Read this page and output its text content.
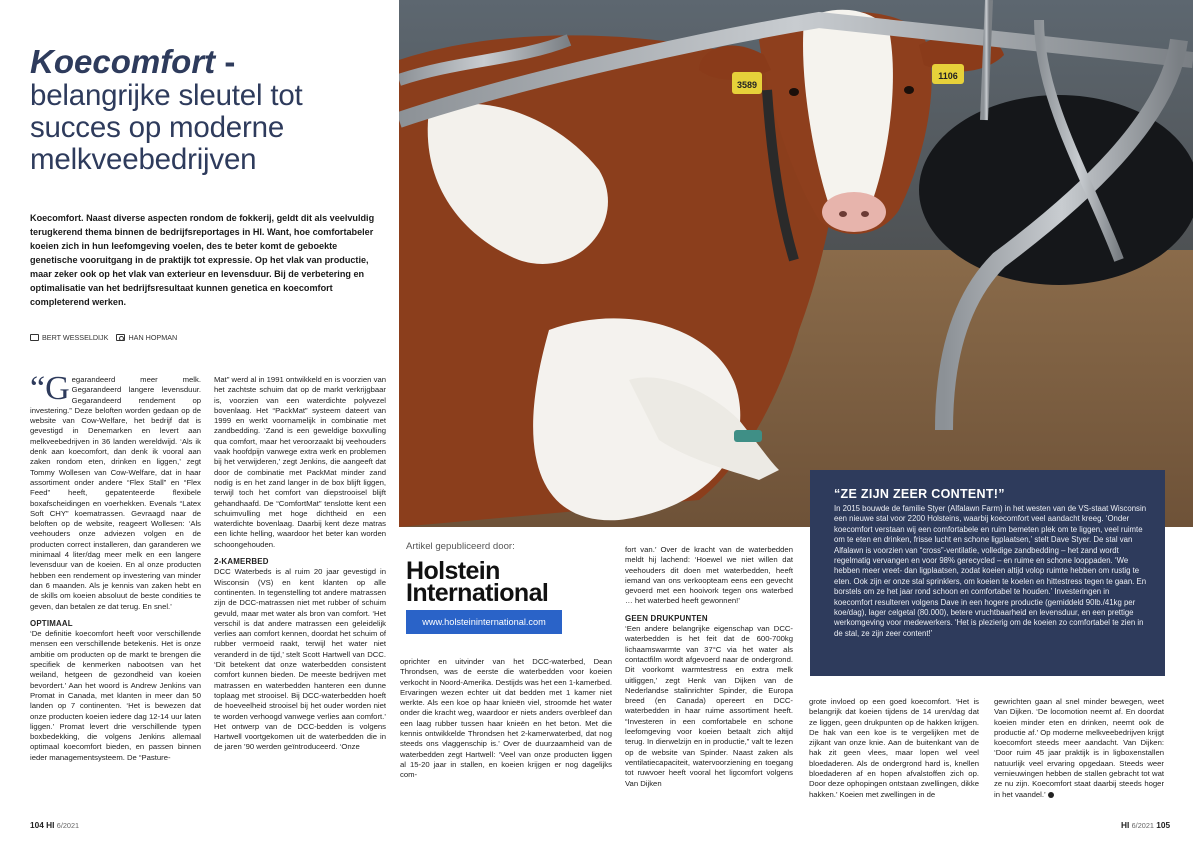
Koecomfort -
belangrijke sleutel tot
succes op moderne
melkveebedrijven
Koecomfort. Naast diverse aspecten rondom de fokkerij, geldt dit als veelvuldig terugkerend thema binnen de bedrijfsreportages in HI. Want, hoe comfortabeler koeien zich in hun leefomgeving voelen, des te beter komt de geboekte genetische vooruitgang in de praktijk tot expressie. Op het vlak van productie, maar zeker ook op het vlak van exterieur en levensduur. Bij de verbetering en optimalisatie van het bedrijfsresultaat kunnen genetica en koecomfort completerend werken.
BERT WESSELDIJK	HAN HOPMAN

“Gegarandeerd meer melk. Gegarandeerd langere levensduur. Gegarandeerd rendement op investering.” Deze beloften worden gedaan op de website van Cow-Welfare, het bedrijf dat is gevestigd in Denemarken en levert aan melkveebedrijven in 36 landen wereldwijd. ‘Als ik denk aan koecomfort, dan denk ik vooral aan zaken rondom eten, drinken en liggen,’ zegt Tommy Wollesen van Cow-Welfare, dat in haar assortiment onder andere “Flex Stall” en “Flex Feed” heeft, gepatenteerde flexibele boxafscheidingen en voerhekken. Evenals “Latex Soft CHY” koematrassen. Gevraagd naar de beloften op de website, reageert Wollesen: ‘Als veehouders onze adviezen volgen en de producten correct installeren, dan garanderen we minimaal 4 liter/dag meer melk en een langere levensduur van de koeien. En al onze producten hebben een rendement op investering van minder dan 6 maanden. Als je kennis van zaken hebt en de skills om koeien absoluut de beste condities te geven, dan betalen ze dat terug. En snel.’

OPTIMAAL

‘De definitie koecomfort heeft voor verschillende mensen een verschillende betekenis. Het is onze ambitie om producten op de markt te brengen die specifiek de kenmerken nabootsen van het weiland, hetgeen de gezondheid van koeien bevordert.’ Aan het woord is Andrew Jenkins van Promat in Canada, met klanten in meer dan 50 landen op 7 continenten. ‘Het is bewezen dat onze producten koeien iedere dag 12-14 uur laten liggen.’ Promat levert drie verschillende typen boxbedekking, die volgens Jenkins allemaal optimaal koecomfort bieden, en passen binnen ieder managementsysteem. De “Pasture-

Mat” werd al in 1991 ontwikkeld en is voorzien van het zachtste schuim dat op de markt verkrijgbaar is, voorzien van een waterdichte polyvezel bovenlaag. Het “PackMat” systeem dateert van 1999 en werkt voornamelijk in combinatie met zandbedding. ‘Zand is een geweldige boxvulling qua comfort, maar het veroorzaakt bij veehouders vaak hoofdpijn vanwege extra werk en problemen bij het verwijderen,’ zegt Jenkins, die aangeeft dat door de combinatie met PackMat minder zand nodig is en het zand langer in de box blijft liggen, terwijl toch het comfort van diepstrooisel blijft gehandhaafd. De “ComfortMat” tenslotte kent een schuimvulling met hoge dichtheid en een waterdichte bovenlaag. Daarbij kent deze matras een lichte helling, waardoor het beter kan worden schoongehouden.

2-KAMERBED

DCC Waterbeds is al ruim 20 jaar gevestigd in Wisconsin (VS) en kent klanten op alle continenten. In tegenstelling tot andere matrassen zijn de DCC-matrassen niet met rubber of schuim gevuld, maar met water als bron van comfort. ‘Het verschil is dat andere matrassen een geleidelijk verlies aan comfort kennen, doordat het schuim of rubber vermoeid raakt, terwijl het water niet veranderd in de tijd,’ stelt Scott Hartwell van DCC. ‘Dit betekent dat onze waterbedden consistent comfort kunnen bieden. De meeste bedrijven met matrassen en waterbedden hanteren een dunne toplaag met strooisel. Bij DCC-waterbedden hoeft de hoeveelheid strooisel bij het ouder worden niet te worden verhoogd vanwege verlies aan comfort.’ Het ontwerp van de DCC-bedden is volgens Hartwell voortgekomen uit de waterbedden die in de jaren ’90 werden geïntroduceerd. ‘Onze

oprichter en uitvinder van het DCC-waterbed, Dean Throndsen, was de eerste die waterbedden voor koeien verkocht in Noord-Amerika. Destijds was het een 1-kamerbed. Ervaringen wezen echter uit dat bedden met 1 kamer niet werkte. Als een koe op haar knieën viel, stroomde het water onder die kracht weg, waardoor er niets anders overbleef dan een laag rubber tussen haar knieën en het beton. Met die kennis ontwikkelde Throndsen het 2-kamerwaterbed, dat nog steeds ons vlaggenschip is.’ Over de duurzaamheid van de waterbedden zegt Hartwell: ‘Veel van onze producten liggen al 15-20 jaar in stallen, en koeien krijgen er nog dagelijks com-

fort van.’ Over de kracht van de waterbedden meldt hij lachend: ‘Hoewel we niet willen dat veehouders dit doen met waterbedden, heeft iemand van ons verkoopteam eens een gevecht gevoerd met een hooivork tegen ons waterbed … het waterbed heeft gewonnen!’

GEEN DRUKPUNTEN

‘Een andere belangrijke eigenschap van DCC-waterbedden is het feit dat de 600-700kg lichaamswarmte van 37°C via het water als contactfilm wordt afgevoerd naar de ondergrond. Dit voorkomt warmtestress en extra melk uitliggen,’ zegt Henk van Dijken van de Nederlandse stalinrichter Spinder, die Europa breed (en Canada) opereert en DCC-waterbedden in haar ruime assortiment heeft. “Investeren in een comfortabele en schone leefomgeving voor koeien betaalt zich altijd terug. In dierwelzijn en in productie,” valt te lezen op de website van Spinder. Naast zaken als ventilatiecapaciteit, watervoorziening en toegang tot ruwvoer heeft vooral het ligcomfort volgens Van Dijken

grote invloed op een goed koecomfort. ‘Het is belangrijk dat koeien tijdens de 14 uren/dag dat ze liggen, geen drukpunten op de hakken krijgen. De hak van een koe is te vergelijken met de zijkant van onze knie. Aan de buitenkant van de hak zit geen vlees, maar lopen wel veel bloedaderen. Als de ondergrond hard is, knellen bloedaderen af en hopen afvalstoffen zich op. Door deze ophopingen ontstaan zwellingen, dikke hakken.’ Koeien met zwellingen in de

gewrichten gaan al snel minder bewegen, weet Van Dijken. ‘De locomotion neemt af. En doordat koeien minder eten en drinken, neemt ook de productie af.’ Op moderne melkveebedrijven krijgt koecomfort steeds meer aandacht. Van Dijken: ‘Door ruim 45 jaar praktijk is in ligboxenstallen natuurlijk veel ervaring opgedaan. Steeds weer vernieuwingen hebben de stallen gebracht tot wat ze nu zijn. Koecomfort staat daarbij steeds hoger in het vaandel.’

3589
1106
Artikel gepubliceerd door:
Holstein
International
www.holsteininternational.com
“ZE ZIJN ZEER CONTENT!”
In 2015 bouwde de familie Styer (Alfalawn Farm) in het westen van de VS-staat Wisconsin een nieuwe stal voor 2200 Holsteins, waarbij koecomfort veel aandacht kreeg. ‘Onder koecomfort verstaan wij een comfortabele en ruim bemeten plek om te liggen, veel ruimte om te eten en drinken, frisse lucht en schone ligplaatsen,’ stelt Dave Styer. De stal van Alfalawn is voorzien van “cross”-ventilatie, volledige zandbedding – het zand wordt regelmatig vervangen en voor 98% gerecycled – en ruime en schone looppaden. ‘We hebben meer vreet- dan ligplaatsen, zodat koeien altijd volop ruimte hebben om rustig te eten. Ook zijn er onze stal sprinklers, om koeien te koelen en hittestress tegen te gaan. En borstels om ze het jaar rond schoon en comfortabel te houden.’ Investeringen in koecomfort resulteren volgens Dave in een hogere productie (gemiddeld 90lb./41kg per koe/dag), lager celgetal (80.000), betere vruchtbaarheid en levensduur, en een prettige werkomgeving voor medewerkers. ‘Het is plezierig om de koeien zo comfortabel te zien in de stal, ze zijn zeer content!’
104 HI 6/2021	HI 6/2021 105
